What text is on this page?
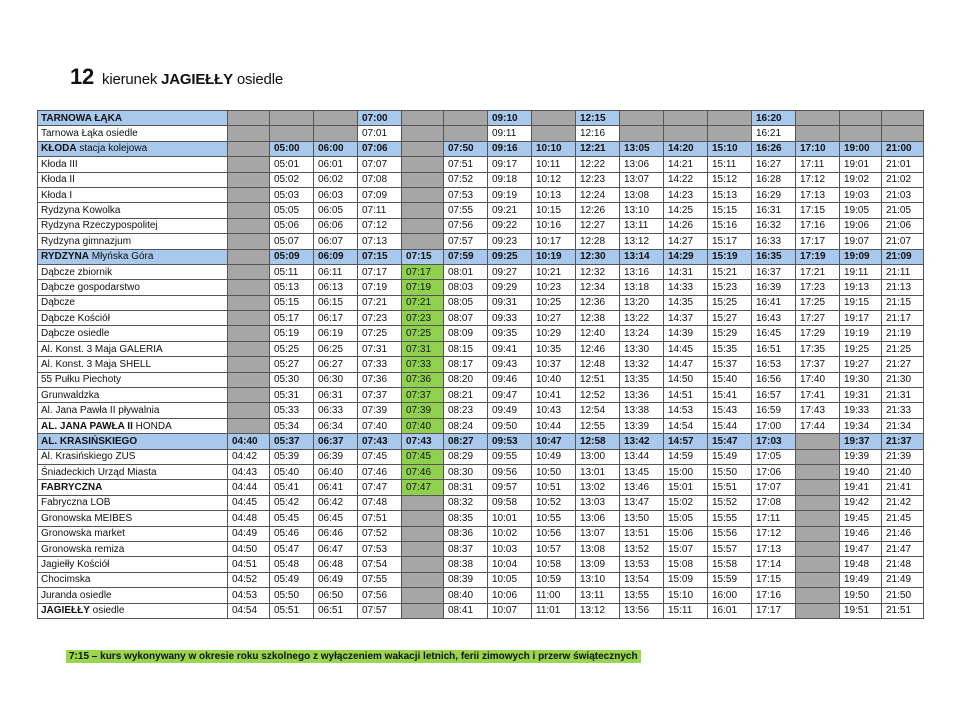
12 kierunek JAGIEŁŁY osiedle
TARNOWA ŁĄKA				07:00			09:10		12:15				16:20			
Tarnowa Łąka osiedle				07:01			09:11		12:16				16:21			
KŁODA stacja kolejowa		05:00	06:00	07:06		07:50	09:16	10:10	12:21	13:05	14:20	15:10	16:26	17:10	19:00	21:00
Kłoda III		05:01	06:01	07:07		07:51	09:17	10:11	12:22	13:06	14:21	15:11	16:27	17:11	19:01	21:01
Kłoda II		05:02	06:02	07:08		07:52	09:18	10:12	12:23	13:07	14:22	15:12	16:28	17:12	19:02	21:02
Kłoda I		05:03	06:03	07:09		07:53	09:19	10:13	12:24	13:08	14:23	15:13	16:29	17:13	19:03	21:03
Rydzyna Kowolka		05:05	06:05	07:11		07:55	09:21	10:15	12:26	13:10	14:25	15:15	16:31	17:15	19:05	21:05
Rydzyna Rzeczypospolitej		05:06	06:06	07:12		07:56	09:22	10:16	12:27	13:11	14:26	15:16	16:32	17:16	19:06	21:06
Rydzyna gimnazjum		05:07	06:07	07:13		07:57	09:23	10:17	12:28	13:12	14:27	15:17	16:33	17:17	19:07	21:07
RYDZYNA Młyńska Góra		05:09	06:09	07:15	07:15	07:59	09:25	10:19	12:30	13:14	14:29	15:19	16:35	17:19	19:09	21:09
Dąbcze zbiornik		05:11	06:11	07:17	07:17	08:01	09:27	10:21	12:32	13:16	14:31	15:21	16:37	17:21	19:11	21:11
Dąbcze gospodarstwo		05:13	06:13	07:19	07:19	08:03	09:29	10:23	12:34	13:18	14:33	15:23	16:39	17:23	19:13	21:13
Dąbcze		05:15	06:15	07:21	07:21	08:05	09:31	10:25	12:36	13:20	14:35	15:25	16:41	17:25	19:15	21:15
Dąbcze Kościół		05:17	06:17	07:23	07:23	08:07	09:33	10:27	12:38	13:22	14:37	15:27	16:43	17:27	19:17	21:17
Dąbcze osiedle		05:19	06:19	07:25	07:25	08:09	09:35	10:29	12:40	13:24	14:39	15:29	16:45	17:29	19:19	21:19
Al. Konst. 3 Maja GALERIA		05:25	06:25	07:31	07:31	08:15	09:41	10:35	12:46	13:30	14:45	15:35	16:51	17:35	19:25	21:25
Al. Konst. 3 Maja SHELL		05:27	06:27	07:33	07:33	08:17	09:43	10:37	12:48	13:32	14:47	15:37	16:53	17:37	19:27	21:27
55 Pułku Piechoty		05:30	06:30	07:36	07:36	08:20	09:46	10:40	12:51	13:35	14:50	15:40	16:56	17:40	19:30	21:30
Grunwaldzka		05:31	06:31	07:37	07:37	08:21	09:47	10:41	12:52	13:36	14:51	15:41	16:57	17:41	19:31	21:31
Al. Jana Pawła II pływalnia		05:33	06:33	07:39	07:39	08:23	09:49	10:43	12:54	13:38	14:53	15:43	16:59	17:43	19:33	21:33
AL. JANA PAWŁA II HONDA		05:34	06:34	07:40	07:40	08:24	09:50	10:44	12:55	13:39	14:54	15:44	17:00	17:44	19:34	21:34
AL. KRASIŃSKIEGO	04:40	05:37	06:37	07:43	07:43	08:27	09:53	10:47	12:58	13:42	14:57	15:47	17:03		19:37	21:37
Al. Krasińskiego ZUS	04:42	05:39	06:39	07:45	07:45	08:29	09:55	10:49	13:00	13:44	14:59	15:49	17:05		19:39	21:39
Śniadeckich Urząd Miasta	04:43	05:40	06:40	07:46	07:46	08:30	09:56	10:50	13:01	13:45	15:00	15:50	17:06		19:40	21:40
FABRYCZNA	04:44	05:41	06:41	07:47	07:47	08:31	09:57	10:51	13:02	13:46	15:01	15:51	17:07		19:41	21:41
Fabryczna LOB	04:45	05:42	06:42	07:48		08:32	09:58	10:52	13:03	13:47	15:02	15:52	17:08		19:42	21:42
Gronowska MEIBES	04:48	05:45	06:45	07:51		08:35	10:01	10:55	13:06	13:50	15:05	15:55	17:11		19:45	21:45
Gronowska market	04:49	05:46	06:46	07:52		08:36	10:02	10:56	13:07	13:51	15:06	15:56	17:12		19:46	21:46
Gronowska remiza	04:50	05:47	06:47	07:53		08:37	10:03	10:57	13:08	13:52	15:07	15:57	17:13		19:47	21:47
Jagiełły Kościół	04:51	05:48	06:48	07:54		08:38	10:04	10:58	13:09	13:53	15:08	15:58	17:14		19:48	21:48
Chocimska	04:52	05:49	06:49	07:55		08:39	10:05	10:59	13:10	13:54	15:09	15:59	17:15		19:49	21:49
Juranda osiedle	04:53	05:50	06:50	07:56		08:40	10:06	11:00	13:11	13:55	15:10	16:00	17:16		19:50	21:50
JAGIEŁŁY osiedle	04:54	05:51	06:51	07:57		08:41	10:07	11:01	13:12	13:56	15:11	16:01	17:17		19:51	21:51
7:15 – kurs wykonywany w okresie roku szkolnego z wyłączeniem wakacji letnich, ferii zimowych i przerw świątecznych
